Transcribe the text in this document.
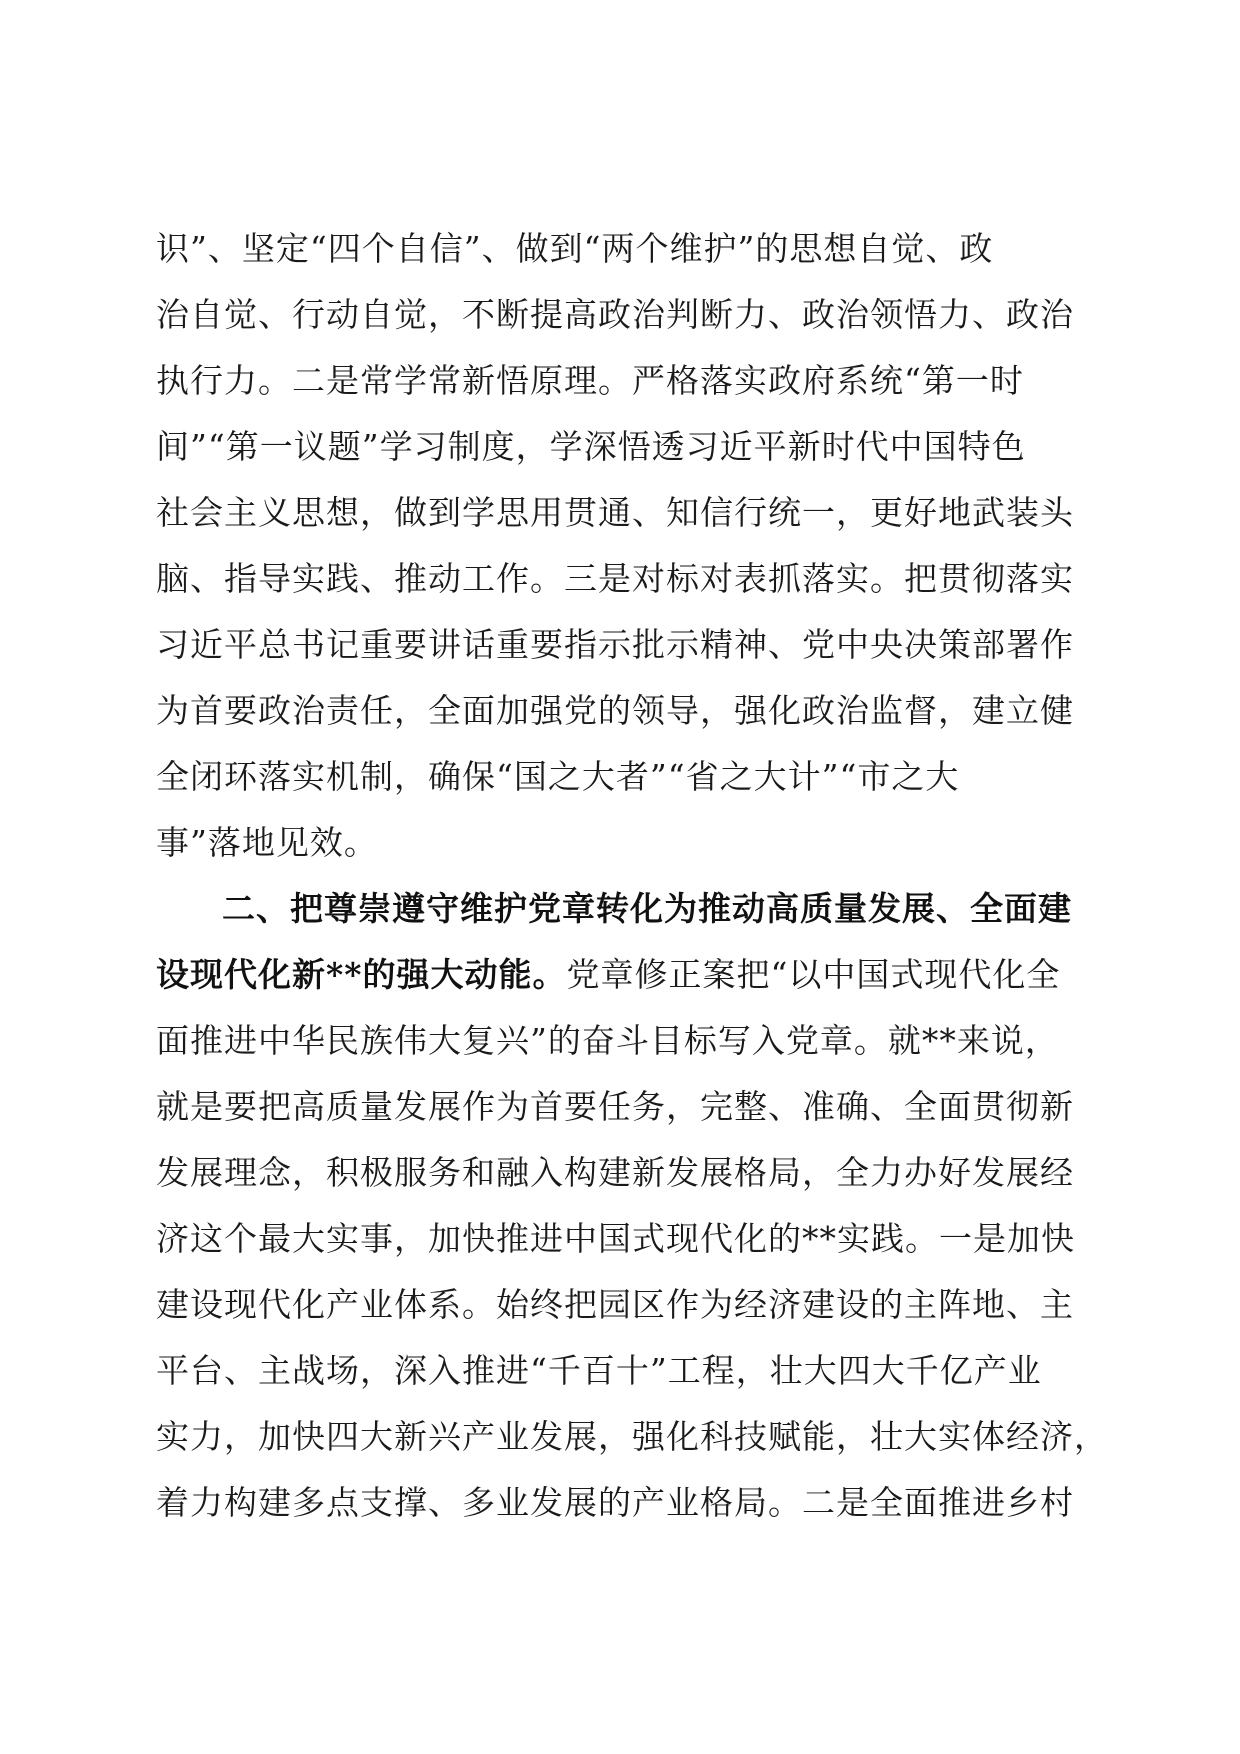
识”、坚定“四个自信”、做到“两个维护”的思想自觉、政
治自觉、行动自觉，不断提高政治判断力、政治领悟力、政治
执行力。二是常学常新悟原理。严格落实政府系统“第一时
间”“第一议题”学习制度，学深悟透习近平新时代中国特色
社会主义思想，做到学思用贯通、知信行统一，更好地武装头
脑、指导实践、推动工作。三是对标对表抓落实。把贯彻落实
习近平总书记重要讲话重要指示批示精神、党中央决策部署作
为首要政治责任，全面加强党的领导，强化政治监督，建立健
全闭环落实机制，确保“国之大者”“省之大计”“市之大
事”落地见效。
二、把尊崇遵守维护党章转化为推动高质量发展、全面建
设现代化新**的强大动能。党章修正案把“以中国式现代化全
面推进中华民族伟大复兴”的奋斗目标写入党章。就**来说，
就是要把高质量发展作为首要任务，完整、准确、全面贯彻新
发展理念，积极服务和融入构建新发展格局，全力办好发展经
济这个最大实事，加快推进中国式现代化的**实践。一是加快
建设现代化产业体系。始终把园区作为经济建设的主阵地、主
平台、主战场，深入推进“千百十”工程，壮大四大千亿产业
实力，加快四大新兴产业发展，强化科技赋能，壮大实体经济，
着力构建多点支撑、多业发展的产业格局。二是全面推进乡村
